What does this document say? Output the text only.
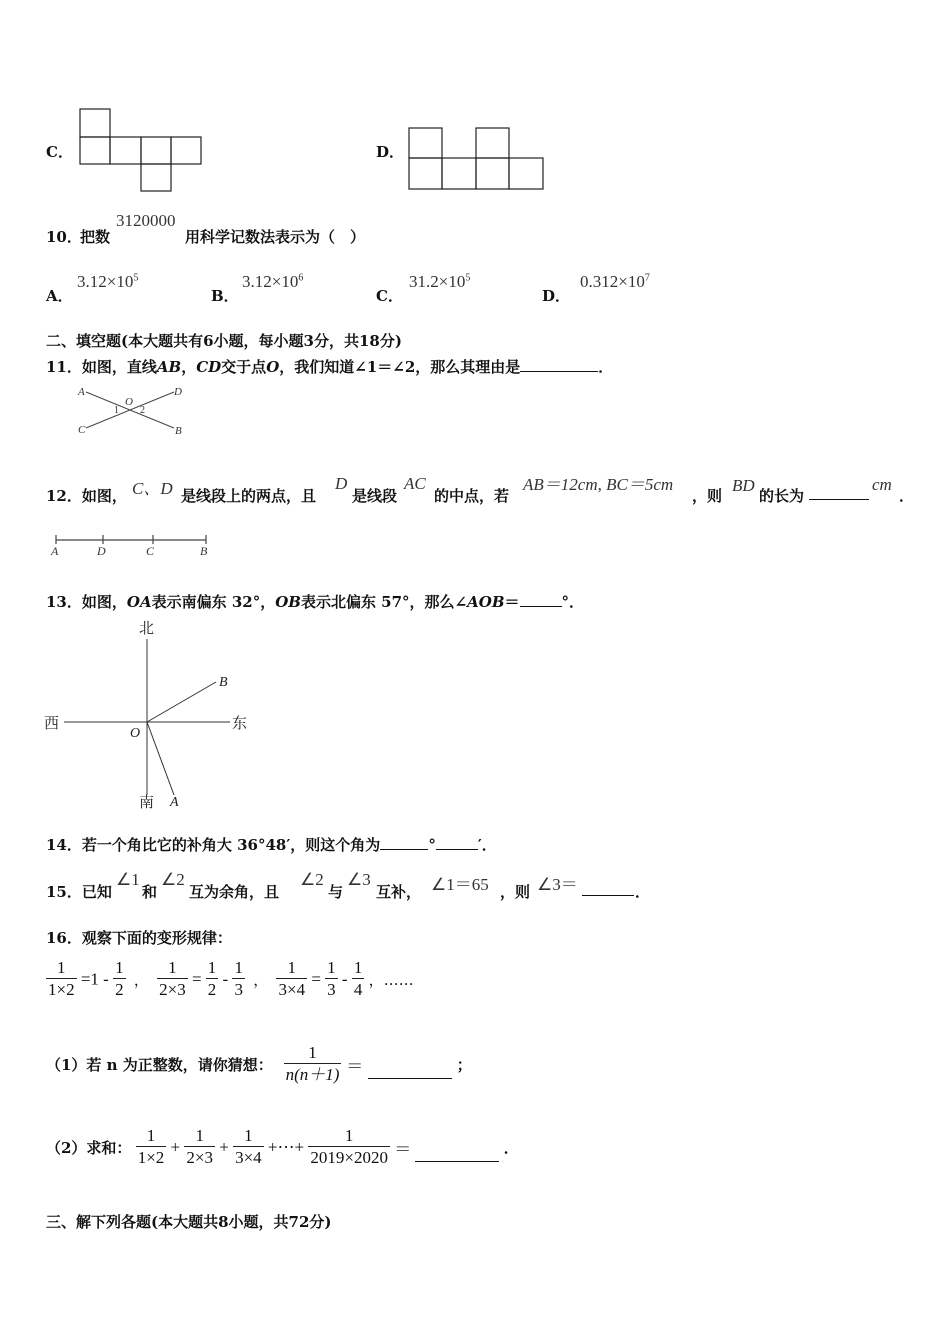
C．	D．
10．
把数
3120000
用科学记数法表示为（　）
A．
$3.12\times 10^5$
B．
$3.12\times 10^6$
C．
$31.2\times 10^5$
D．
$0.312\times 10^7$
二、填空题(本大题共有6小题，每小题3分，共18分)
11．如图，直线AB，CD交于点O，我们知道∠1＝∠2，那么其理由是	．
A	D
C	B
O
1 2
12．如图， C、D 是线段上的两点，且
D
是线段
AC
的中点，若
AB＝12cm, BC＝5cm
，则
BD
的长为
cm
．
A	D	C	B
13．如图，OA表示南偏东 32°，OB表示北偏东 57°，那么∠AOB＝	°．
北
南
西	东
O
B
A
14．若一个角比它的补角大 36°48′，则这个角为	°	′．
15．已知
∠1
和
∠2
互为余角，且
∠2
与
∠3
互补， ∠1＝65 ，则 ∠3＝	．
16．观察下面的变形规律：
$\frac{1}{1\times 2} =1 - \frac{1}{2}$ ， $\frac{1}{2\times 3} = \frac{1}{2} - \frac{1}{3}$ ， $\frac{1}{3\times 4} = \frac{1}{3} - \frac{1}{4}$ ，……
（1）若 n 为正整数，请你猜想： $\frac{1}{n(n+1)}$ ＝	；
（2）求和： $\frac{1}{1\times 2} + \frac{1}{2\times 3} + \frac{1}{3\times 4}$ +⋯+ $\frac{1}{2019\times 2020}$ ＝	．
三、解下列各题(本大题共8小题，共72分)
